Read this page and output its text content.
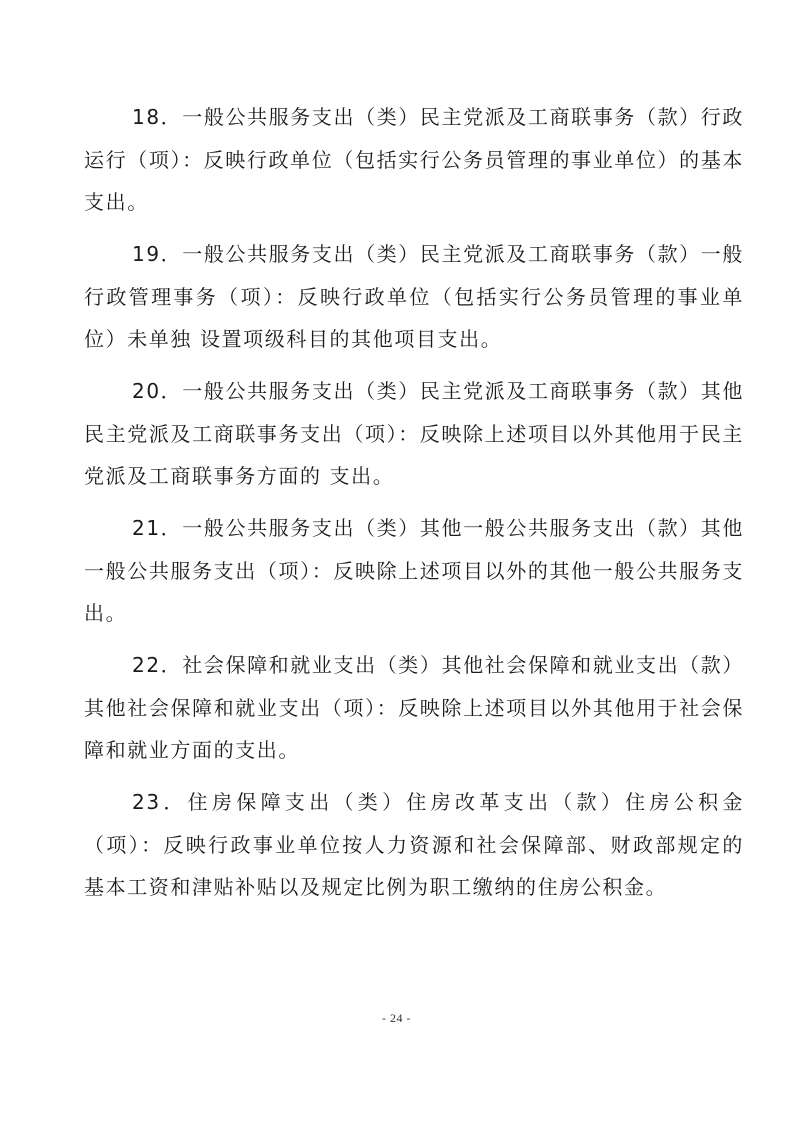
18．一般公共服务支出（类）民主党派及工商联事务（款）行政运行（项）：反映行政单位（包括实行公务员管理的事业单位）的基本支出。

19．一般公共服务支出（类）民主党派及工商联事务（款）一般行政管理事务（项）：反映行政单位（包括实行公务员管理的事业单位）未单独 设置项级科目的其他项目支出。

20．一般公共服务支出（类）民主党派及工商联事务（款）其他民主党派及工商联事务支出（项）：反映除上述项目以外其他用于民主党派及工商联事务方面的 支出。

21．一般公共服务支出（类）其他一般公共服务支出（款）其他一般公共服务支出（项）：反映除上述项目以外的其他一般公共服务支出。

22．社会保障和就业支出（类）其他社会保障和就业支出（款）其他社会保障和就业支出（项）：反映除上述项目以外其他用于社会保障和就业方面的支出。

23．住房保障支出（类）住房改革支出（款）住房公积金（项）：反映行政事业单位按人力资源和社会保障部、财政部规定的 基本工资和津贴补贴以及规定比例为职工缴纳的住房公积金。

- 24 -
